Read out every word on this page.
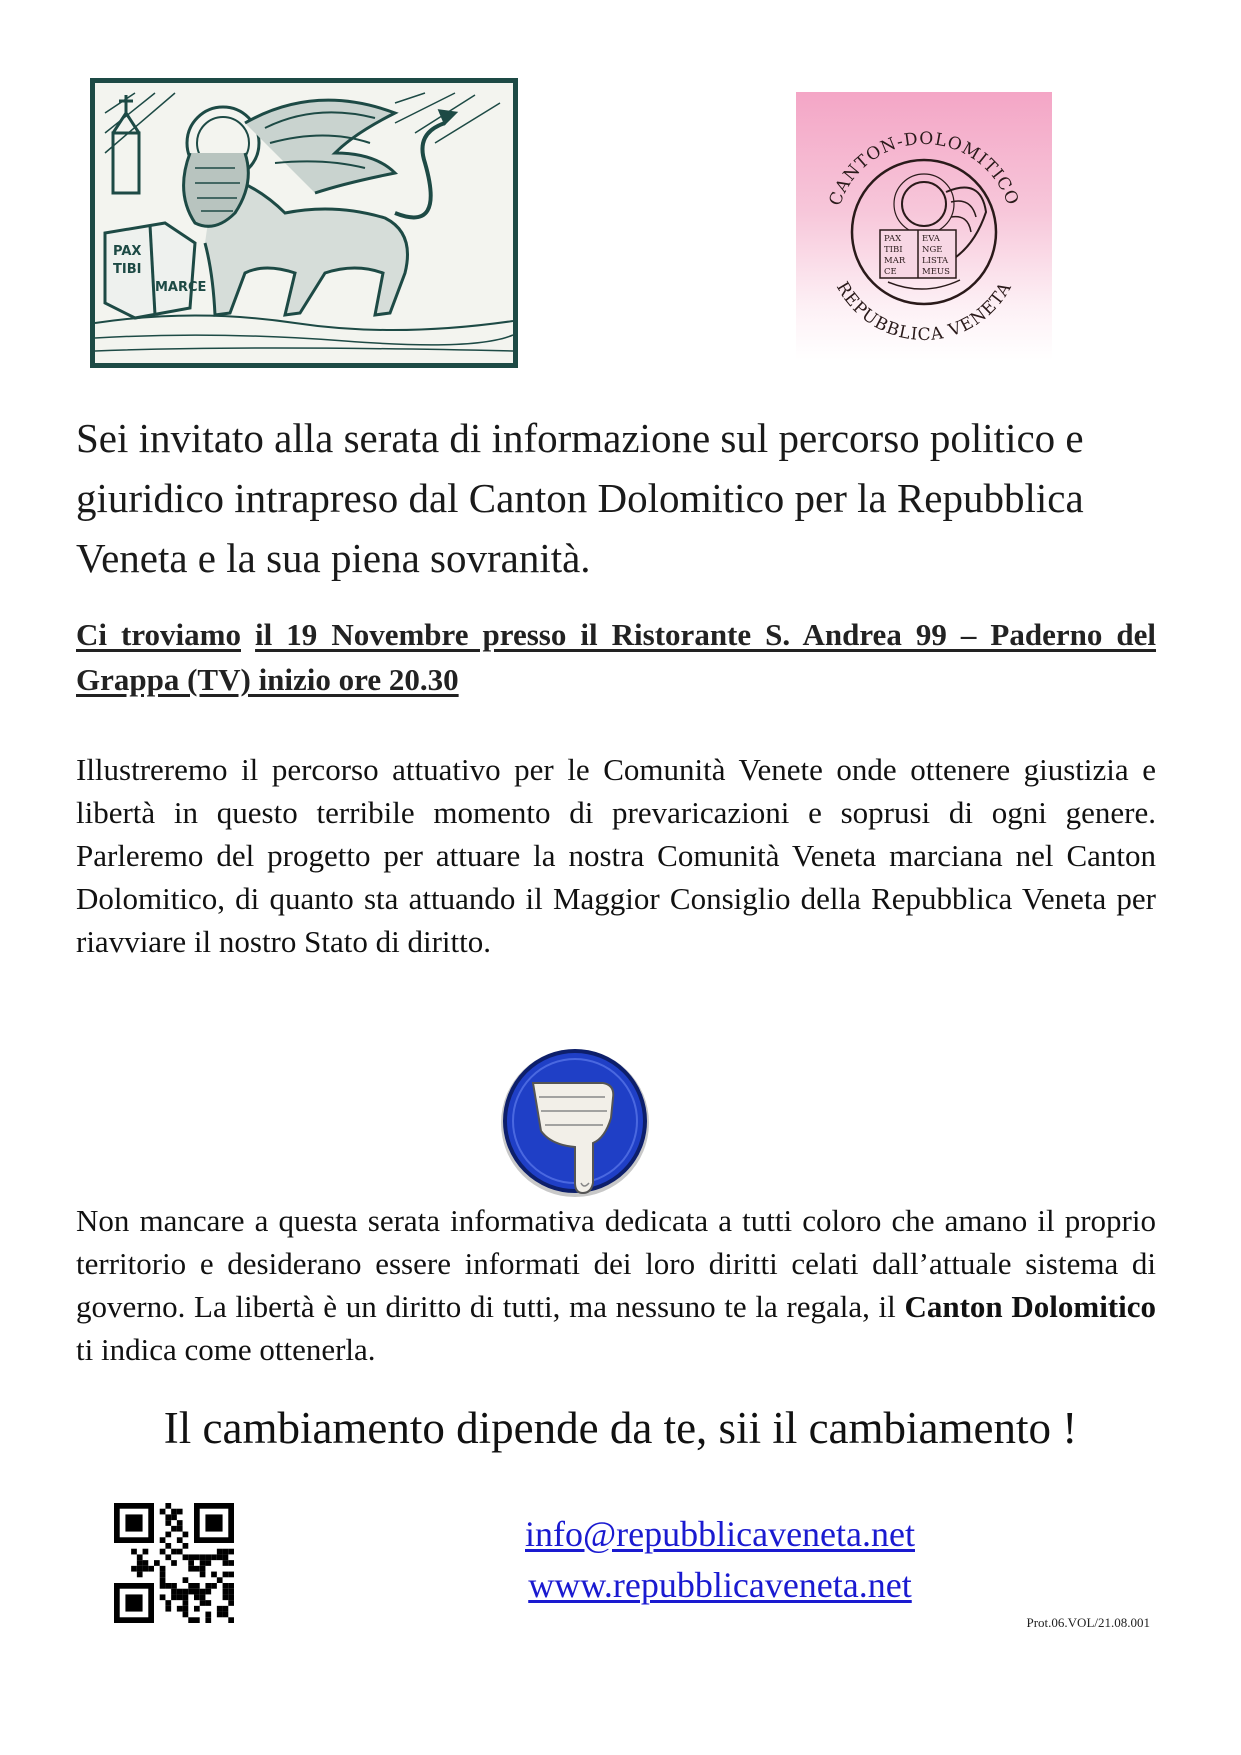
PAX
TIBI
MARCE
PAX
TIBI
MAR
CE
EVA
NGE
LISTA
MEUS
CANTON-DOLOMITICO
REPUBBLICA VENETA
Sei invitato alla serata di informazione sul percorso politico e giuridico intrapreso dal Canton Dolomitico per la Repubblica Veneta e la sua piena sovranità.
Ci troviamo il 19 Novembre presso il Ristorante S. Andrea 99 – Paderno del Grappa (TV) inizio ore 20.30
Illustreremo il percorso attuativo per le Comunità Venete onde ottenere giustizia e libertà in questo terribile momento di prevaricazioni e soprusi di ogni genere. Parleremo del progetto per attuare la nostra Comunità Veneta marciana nel Canton Dolomitico, di quanto sta attuando il Maggior Consiglio della Repubblica Veneta per riavviare il nostro Stato di diritto.
Non mancare a questa serata informativa dedicata a tutti coloro che amano il proprio territorio e desiderano essere informati dei loro diritti celati dall’attuale sistema di governo. La libertà è un diritto di tutti, ma nessuno te la regala, il Canton Dolomitico ti indica come ottenerla.
Il cambiamento dipende da te, sii il cambiamento !
info@repubblicaveneta.net
www.repubblicaveneta.net
Prot.06.VOL/21.08.001
